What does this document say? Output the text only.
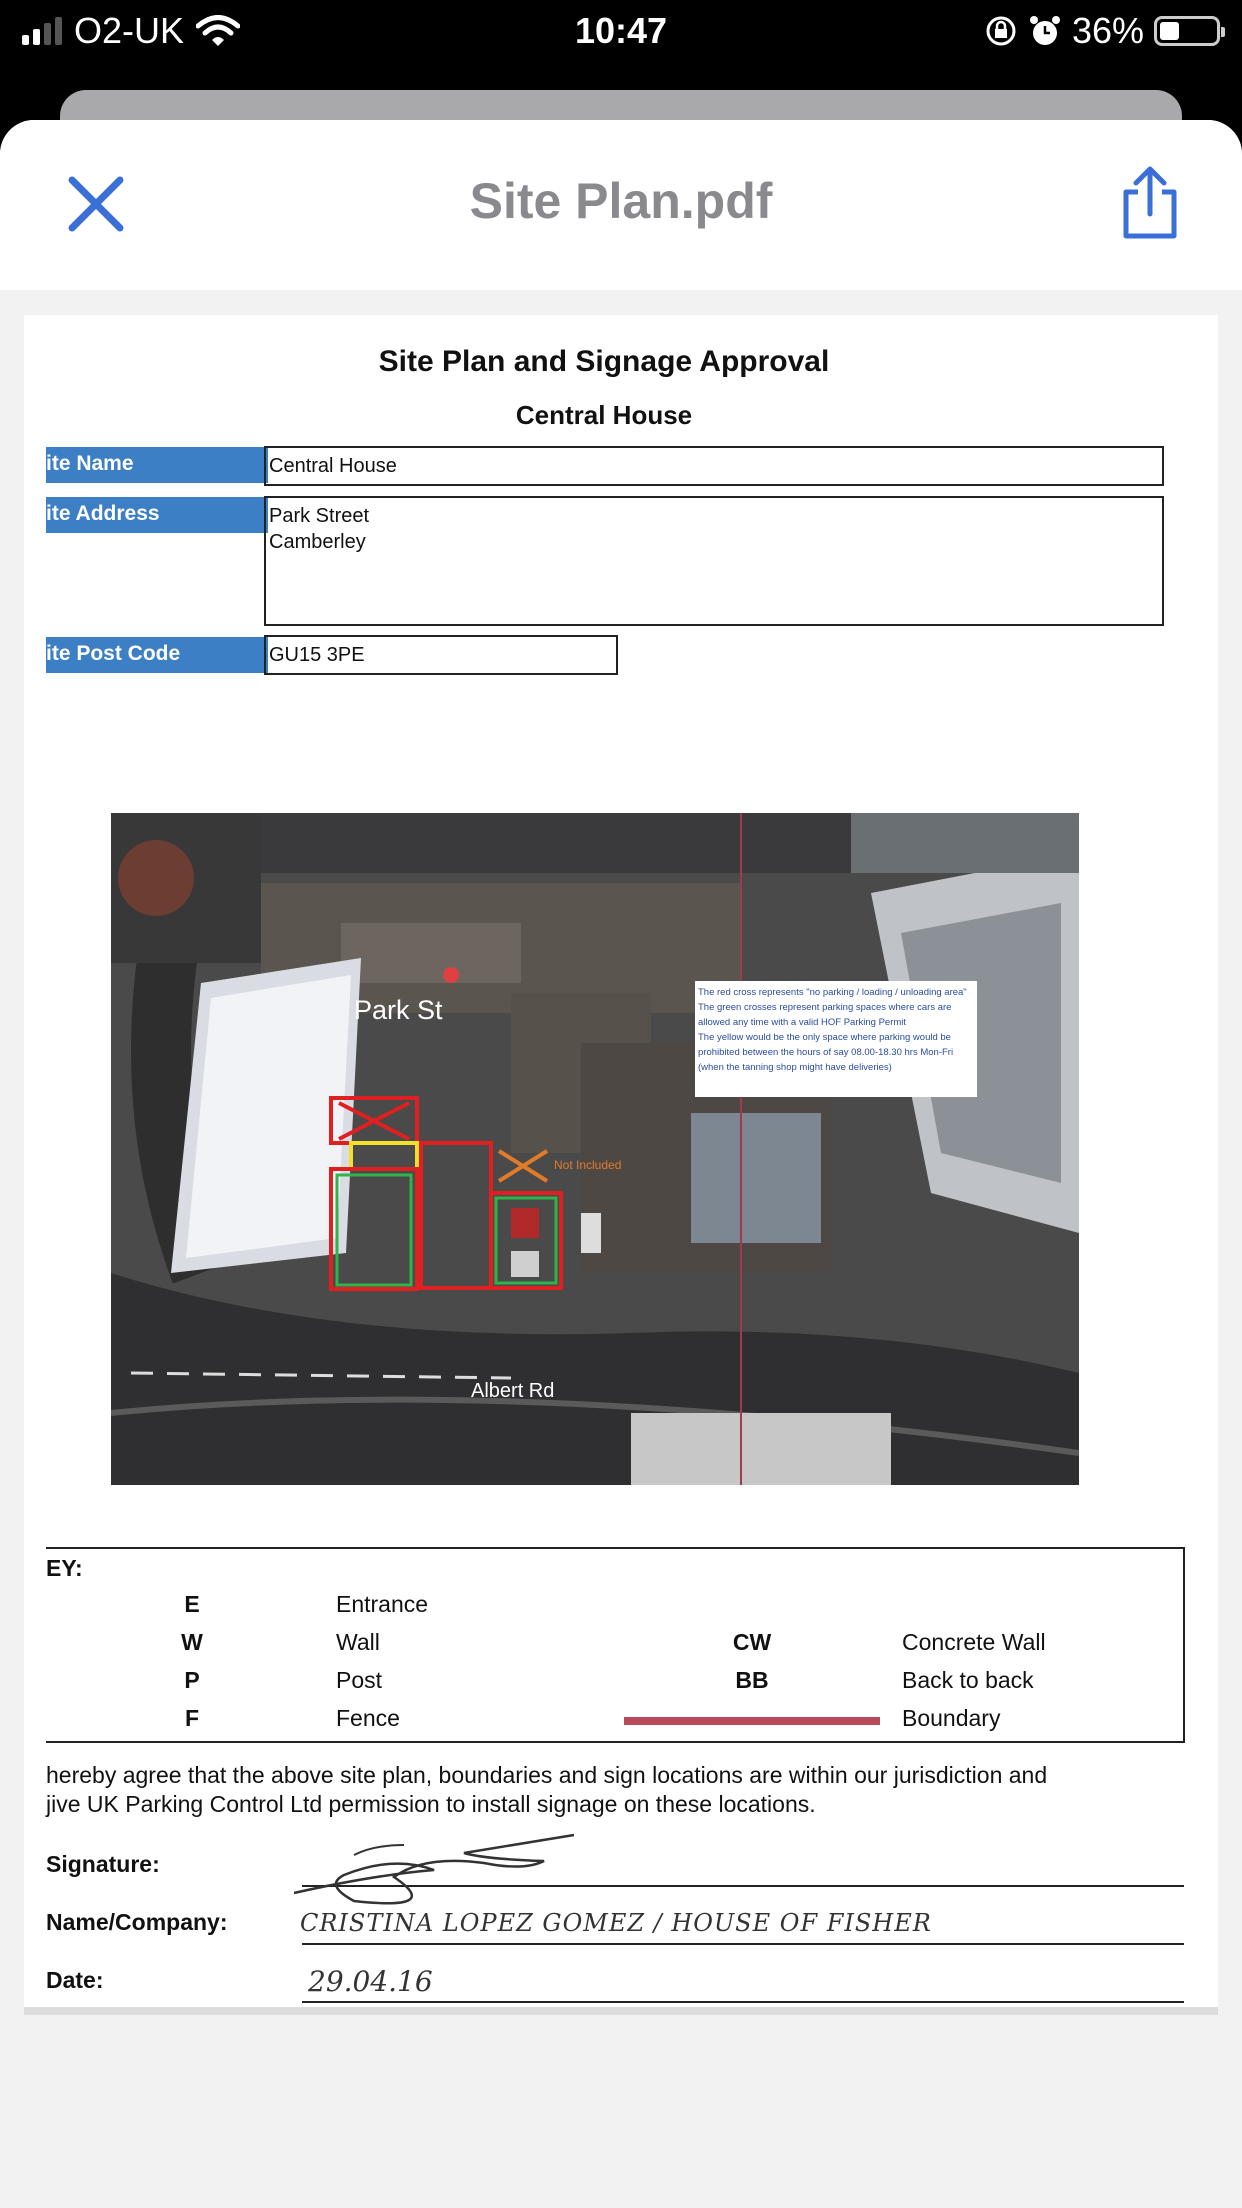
O2-UK	10:47	36%
Site Plan.pdf
Site Plan and Signage Approval
Central House
ite Name	Central House
ite Address	Park Street
Camberley
ite Post Code	GU15 3PE
Park St
Albert Rd
Not Included
The red cross represents "no parking / loading / unloading area"
The green crosses represent parking spaces where cars are
allowed any time with a valid HOF Parking Permit
The yellow would be the only space where parking would be
prohibited between the hours of say 08.00-18.30 hrs Mon-Fri
(when the tanning shop might have deliveries)
EY:
E	Entrance
W	Wall
P	Post
F	Fence
CW	Concrete Wall
BB	Back to back
Boundary
hereby agree that the above site plan, boundaries and sign locations are within our jurisdiction and
jive UK Parking Control Ltd permission to install signage on these locations.
Signature:
Name/Company:	CRISTINA LOPEZ GOMEZ / HOUSE OF FISHER
Date:	29.04.16
